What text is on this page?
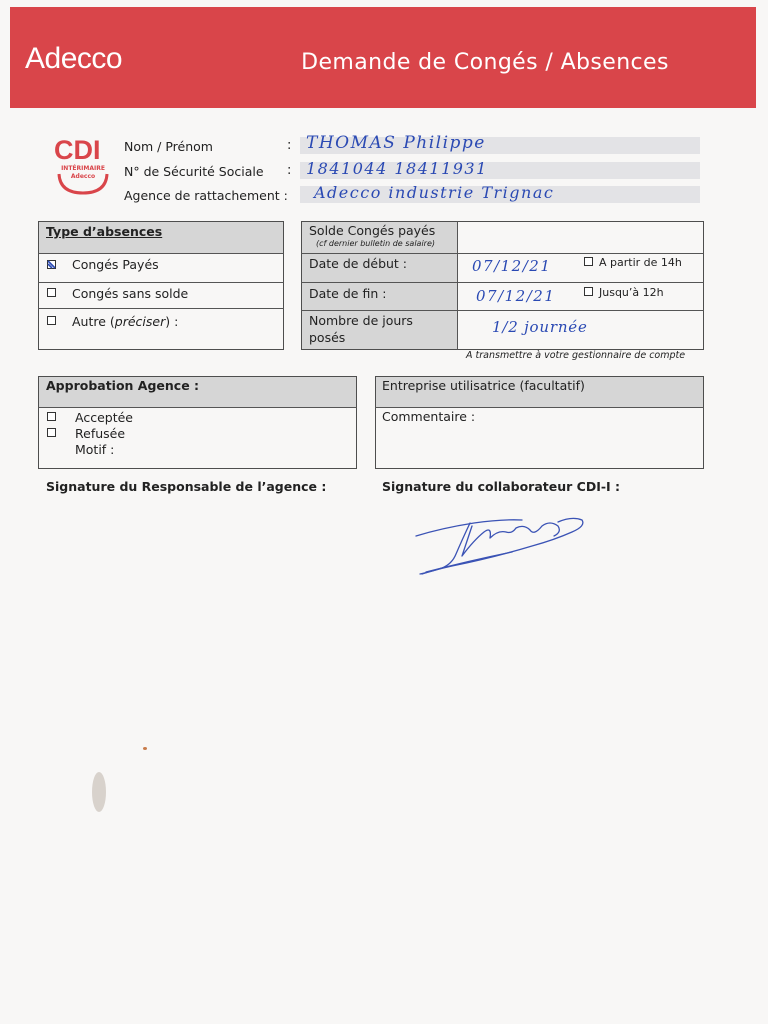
Adecco	Demande de Congés / Absences
CDI
INTÉRIMAIRE
Adecco
Nom / Prénom	: THOMAS Philippe
N° de Sécurité Sociale : 1841044 18411931
Agence de rattachement : Adecco industrie Trignac
Type d’absences
Congés Payés
Congés sans solde
Autre (préciser) :
Solde Congés payés
(cf dernier bulletin de salaire)
Date de début :	07/12/21	A partir de 14h
Date de fin :	07/12/21	Jusqu’à 12h
Nombre de jours
posés
1/2 journée
A transmettre à votre gestionnaire de compte
Approbation Agence :
Acceptée
Refusée
Motif :
Entreprise utilisatrice (facultatif)
Commentaire :
Signature du Responsable de l’agence :	Signature du collaborateur CDI-I :
